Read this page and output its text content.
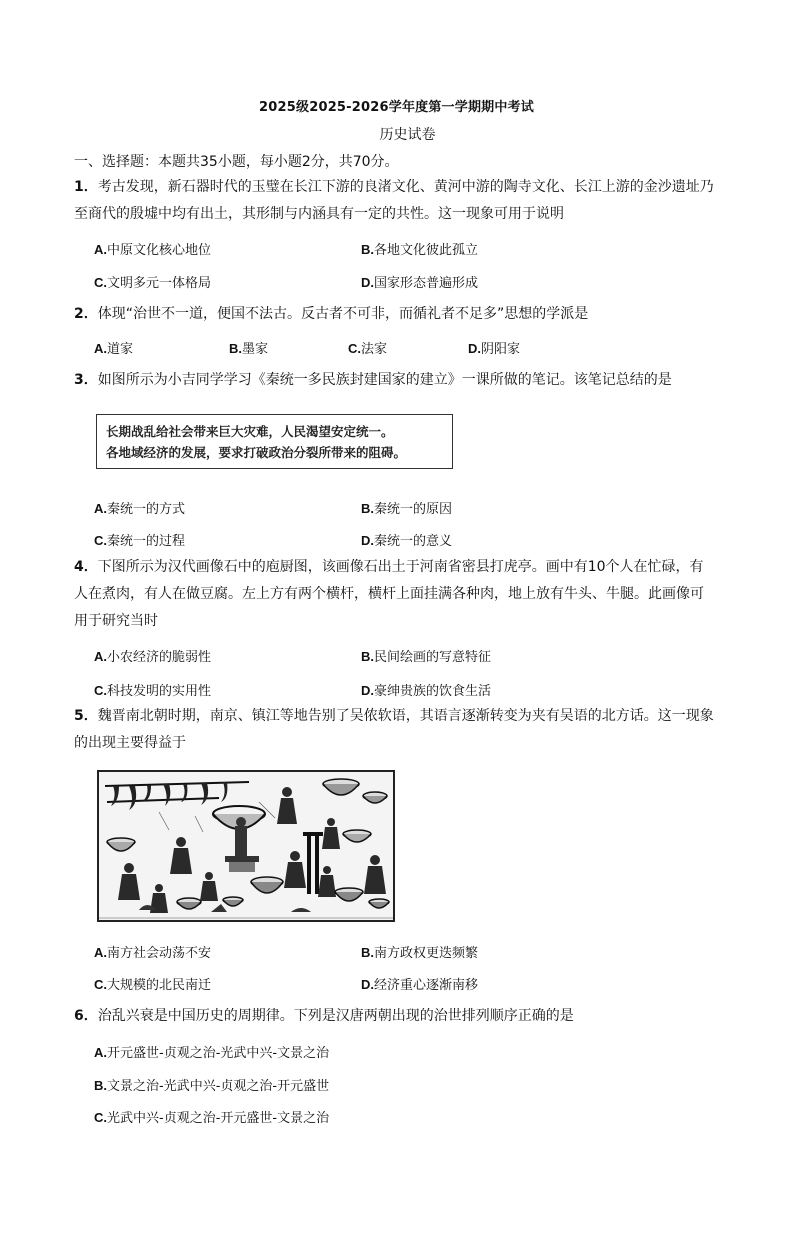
2025级2025-2026学年度第一学期期中考试
历史试卷
一、选择题：本题共35小题，每小题2分，共70分。
1．考古发现，新石器时代的玉璧在长江下游的良渚文化、黄河中游的陶寺文化、长江上游的金沙遗址乃
至商代的殷墟中均有出土，其形制与内涵具有一定的共性。这一现象可用于说明
A.中原文化核心地位	B.各地文化彼此孤立
C.文明多元一体格局	D.国家形态普遍形成
2．体现“治世不一道，便国不法古。反古者不可非，而循礼者不足多”思想的学派是
A.道家	B.墨家	C.法家	D.阴阳家
3．如图所示为小吉同学学习《秦统一多民族封建国家的建立》一课所做的笔记。该笔记总结的是
长期战乱给社会带来巨大灾难，人民渴望安定统一。
各地域经济的发展，要求打破政治分裂所带来的阻碍。
A.秦统一的方式	B.秦统一的原因
C.秦统一的过程	D.秦统一的意义
4．下图所示为汉代画像石中的庖厨图，该画像石出土于河南省密县打虎亭。画中有10个人在忙碌，有
人在煮肉，有人在做豆腐。左上方有两个横杆，横杆上面挂满各种肉，地上放有牛头、牛腿。此画像可
用于研究当时
A.小农经济的脆弱性	B.民间绘画的写意特征
C.科技发明的实用性	D.豪绅贵族的饮食生活
5．魏晋南北朝时期，南京、镇江等地告别了吴侬软语，其语言逐渐转变为夹有吴语的北方话。这一现象
的出现主要得益于
A.南方社会动荡不安	B.南方政权更迭频繁
C.大规模的北民南迁	D.经济重心逐渐南移
6．治乱兴衰是中国历史的周期律。下列是汉唐两朝出现的治世排列顺序正确的是
A.开元盛世-贞观之治-光武中兴-文景之治
B.文景之治-光武中兴-贞观之治-开元盛世
C.光武中兴-贞观之治-开元盛世-文景之治
